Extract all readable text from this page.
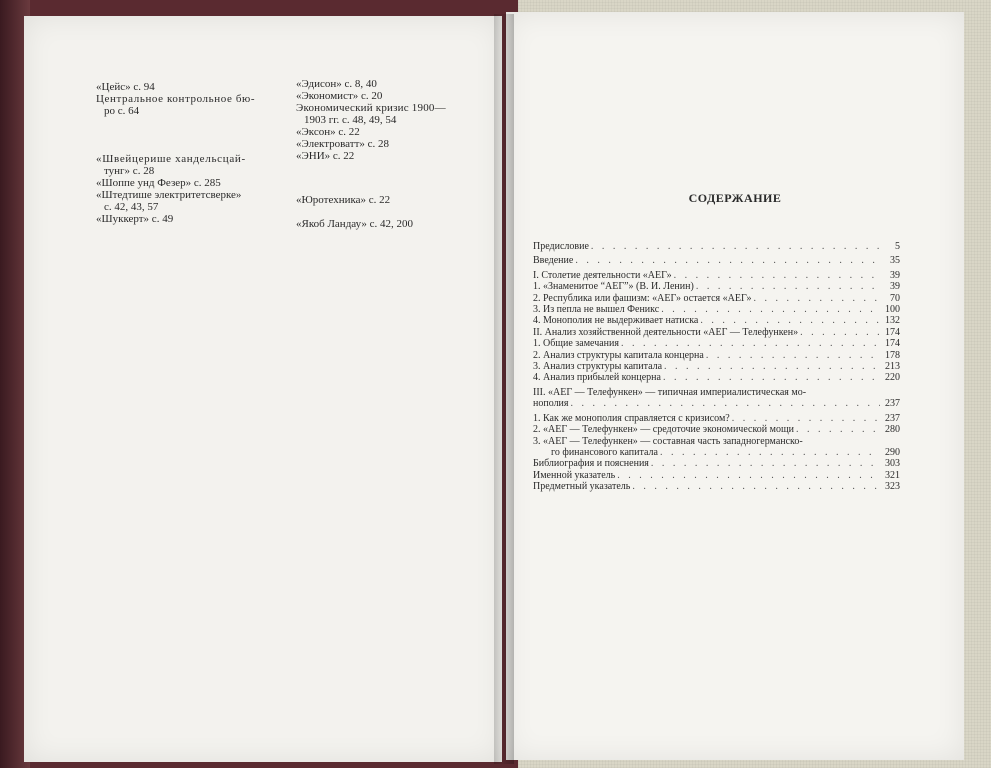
«Цейс» с. 94
Центральное контрольное бю-
ро с. 64
«Швейцерише хандельсцай-
тунг» с. 28
«Шоппе унд Фезер» с. 285
«Штедтише электритетсверке»
с. 42, 43, 57
«Шуккерт» с. 49
«Эдисон» с. 8, 40
«Экономист» с. 20
Экономический кризис 1900—
1903 гг. с. 48, 49, 54
«Эксон» с. 22
«Электроватт» с. 28
«ЭНИ» с. 22
«Юротехника» с. 22
«Якоб Ландау» с. 42, 200
СОДЕРЖАНИЕ
Предисловие . . .	5
Введение . . .	35
I. Столетие деятельности «АЕГ» . . .	39
1. «Знаменитое “АЕГ”» (В. И. Ленин) . . .	39
2. Республика или фашизм: «АЕГ» остается «АЕГ» . . .	70
3. Из пепла не вышел Феникс . . .	100
4. Монополия не выдерживает натиска . . .	132
II. Анализ хозяйственной деятельности «АЕГ — Телефункен» . . .	174
1. Общие замечания . . .	174
2. Анализ структуры капитала концерна . . .	178
3. Анализ структуры капитала . . .	213
4. Анализ прибылей концерна . . .	220
III. «АЕГ — Телефункен» — типичная империалистическая мо-
нополия . . .	237
1. Как же монополия справляется с кризисом? . . .	237
2. «АЕГ — Телефункен» — средоточие экономической мощи . . .	280
3. «АЕГ — Телефункен» — составная часть западногерманско-
го финансового капитала . . .	290
Библиография и пояснения . . .	303
Именной указатель . . .	321
Предметный указатель . . .	323
